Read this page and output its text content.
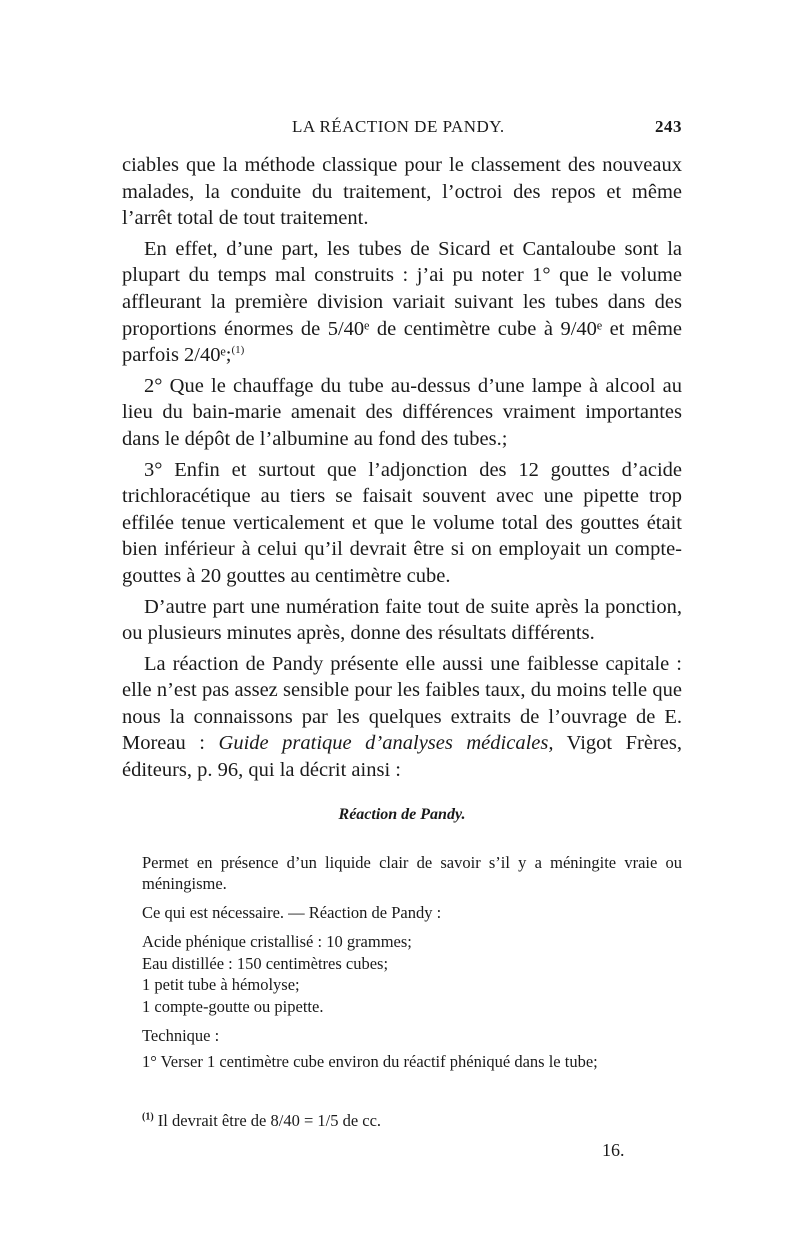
LA RÉACTION DE PANDY.	243

ciables que la méthode classique pour le classement des nouveaux malades, la conduite du traitement, l’octroi des repos et même l’arrêt total de tout traitement.

En effet, d’une part, les tubes de Sicard et Cantaloube sont la plupart du temps mal construits : j’ai pu noter 1° que le volume affleurant la première division variait suivant les tubes dans des proportions énormes de 5/40ᵉ de centimètre cube à 9/40ᵉ et même parfois 2/40ᵉ;$^{(1)}$

2° Que le chauffage du tube au-dessus d’une lampe à alcool au lieu du bain-marie amenait des différences vraiment importantes dans le dépôt de l’albumine au fond des tubes.;

3° Enfin et surtout que l’adjonction des 12 gouttes d’acide trichloracétique au tiers se faisait souvent avec une pipette trop effilée tenue verticalement et que le volume total des gouttes était bien inférieur à celui qu’il devrait être si on employait un compte-gouttes à 20 gouttes au centimètre cube.

D’autre part une numération faite tout de suite après la ponction, ou plusieurs minutes après, donne des résultats différents.

La réaction de Pandy présente elle aussi une faiblesse capitale : elle n’est pas assez sensible pour les faibles taux, du moins telle que nous la connaissons par les quelques extraits de l’ouvrage de E. Moreau : Guide pratique d’analyses médicales, Vigot Frères, éditeurs, p. 96, qui la décrit ainsi :

Réaction de Pandy.

Permet en présence d’un liquide clair de savoir s’il y a méningite vraie ou méningisme.

Ce qui est nécessaire. — Réaction de Pandy :

Acide phénique cristallisé : 10 grammes;
Eau distillée : 150 centimètres cubes;
1 petit tube à hémolyse;
1 compte-goutte ou pipette.
Technique :
1° Verser 1 centimètre cube environ du réactif phéniqué dans le tube;
$^{(1)}$ Il devrait être de 8/40 = 1/5 de cc.
16.
